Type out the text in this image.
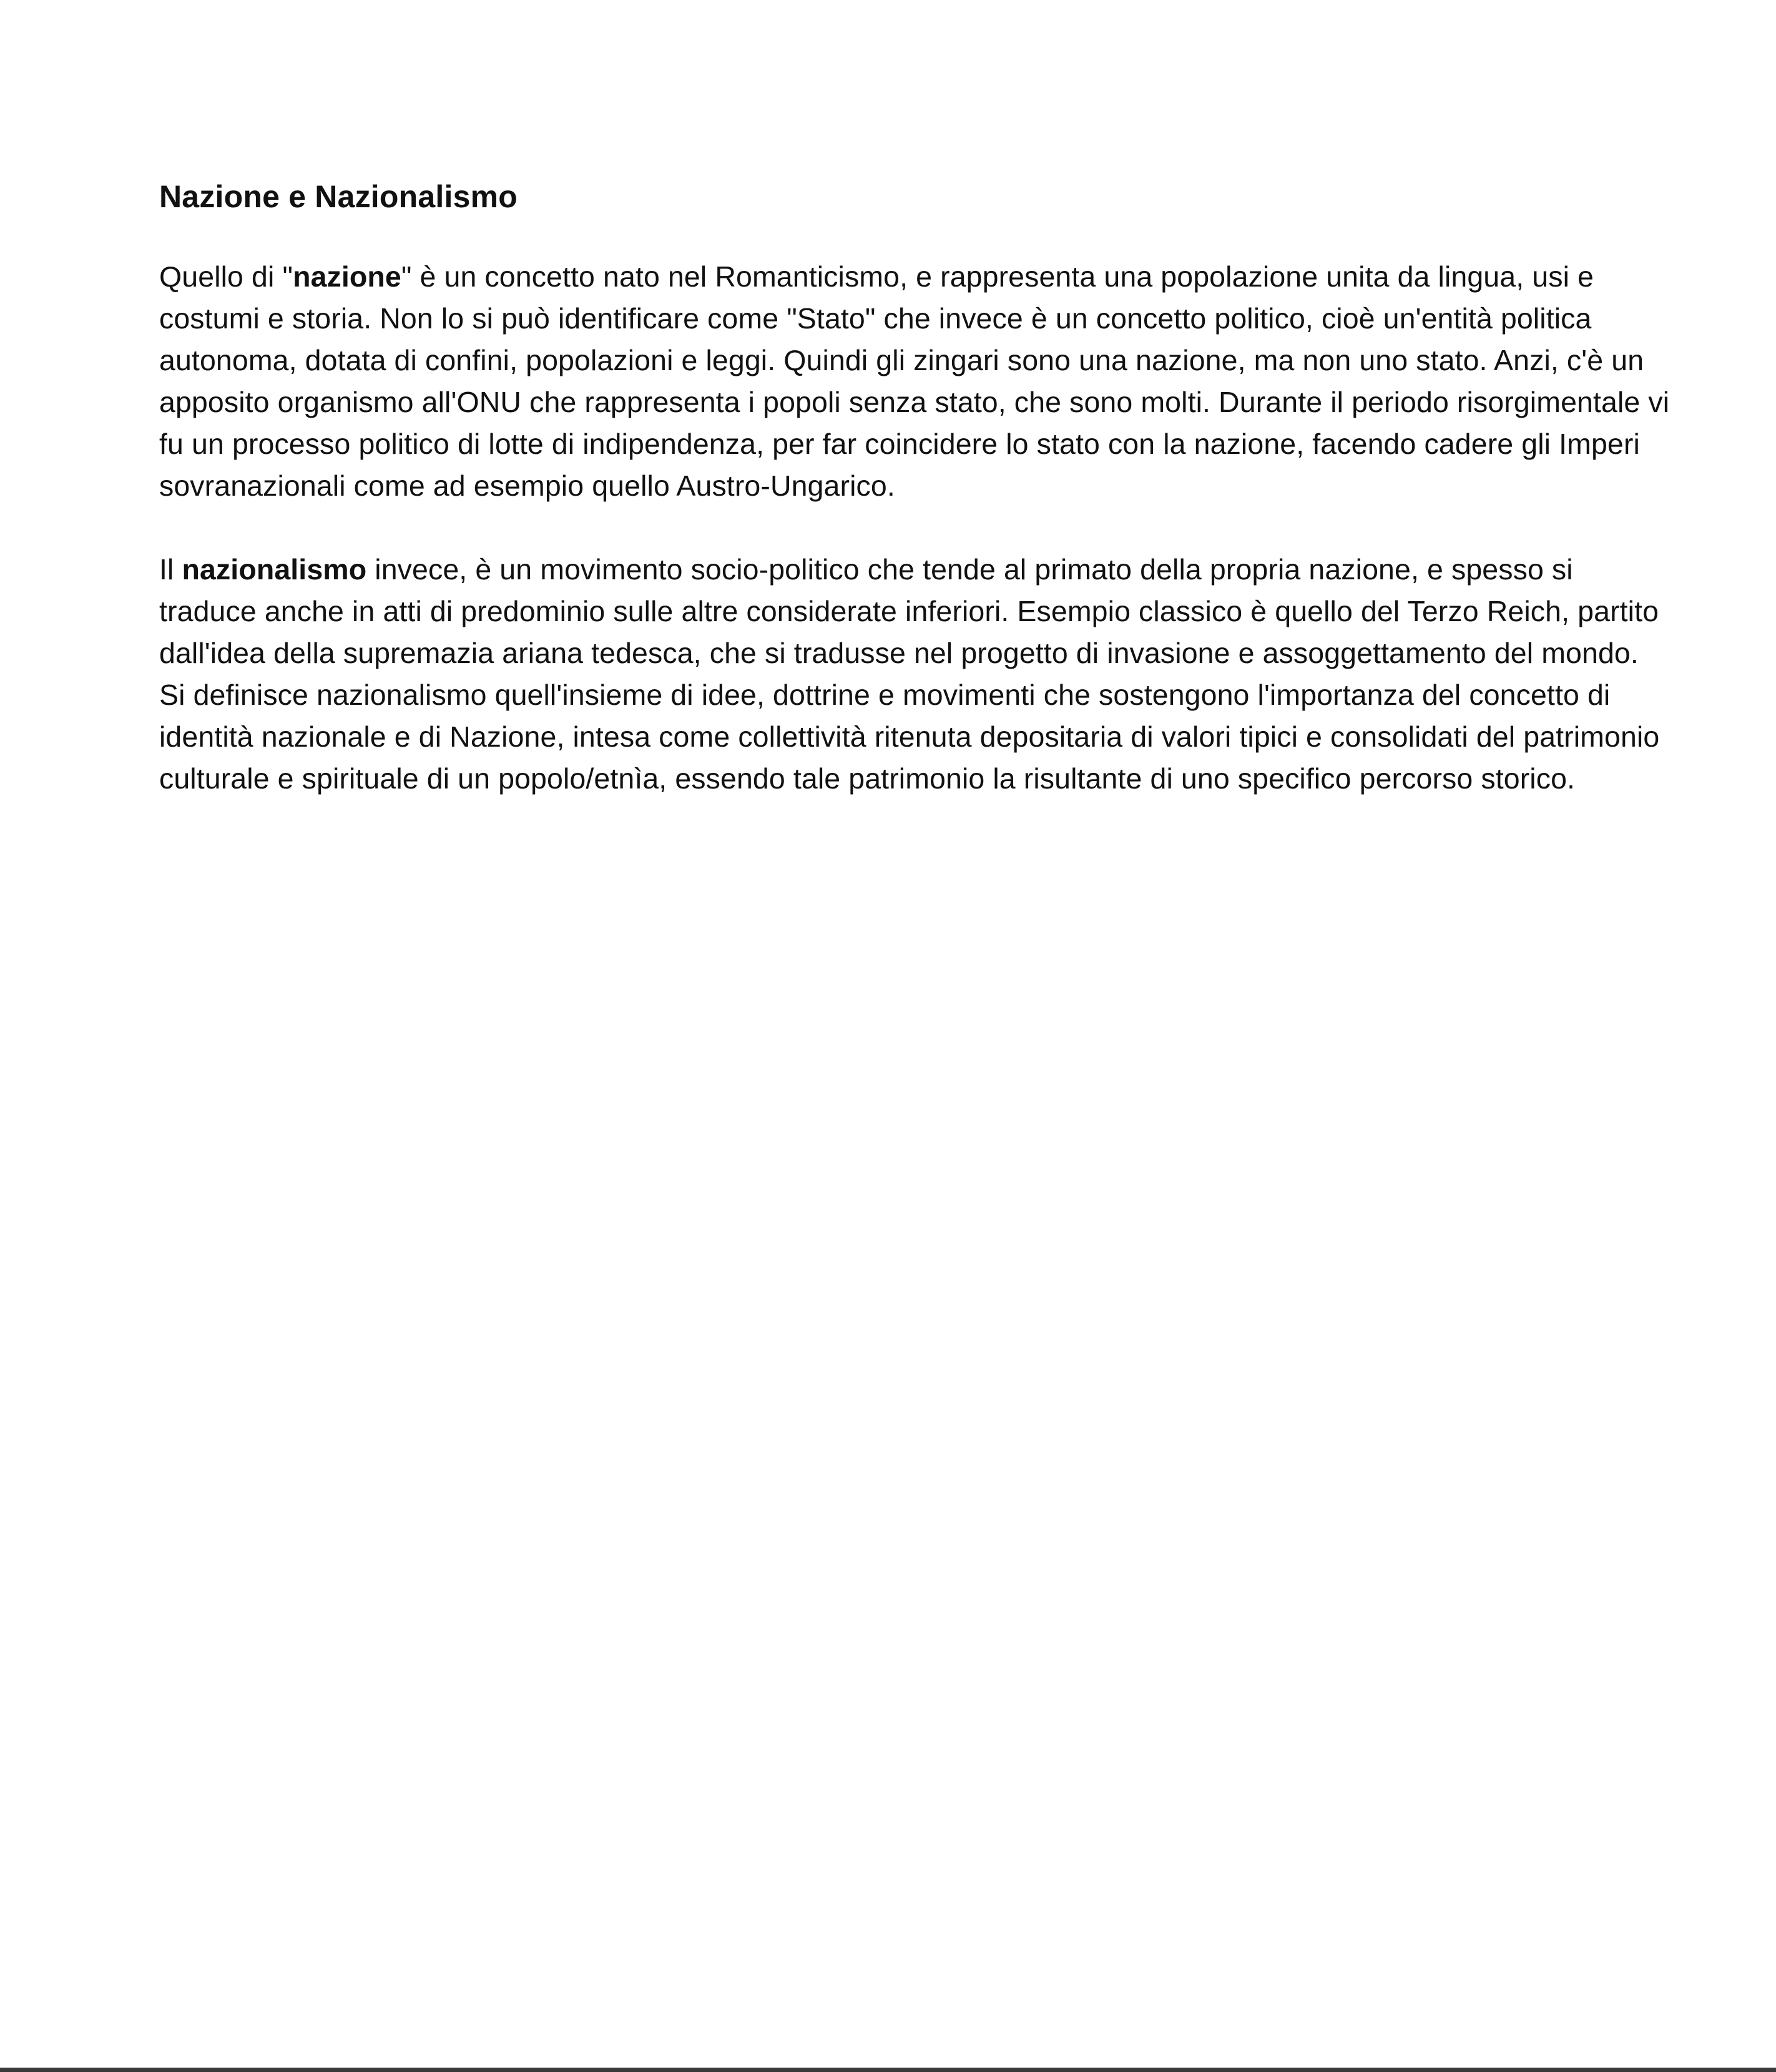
Nazione e Nazionalismo

Quello di "nazione" è un concetto nato nel Romanticismo, e rappresenta una popolazione unita da lingua, usi e costumi e storia. Non lo si può identificare come "Stato" che invece è un concetto politico, cioè un'entità politica autonoma, dotata di confini, popolazioni e leggi. Quindi gli zingari sono una nazione, ma non uno stato. Anzi, c'è un apposito organismo all'ONU che rappresenta i popoli senza stato, che sono molti. Durante il periodo risorgimentale vi fu un processo politico di lotte di indipendenza, per far coincidere lo stato con la nazione, facendo cadere gli Imperi sovranazionali come ad esempio quello Austro-Ungarico.

Il nazionalismo invece, è un movimento socio-politico che tende al primato della propria nazione, e spesso si traduce anche in atti di predominio sulle altre considerate inferiori. Esempio classico è quello del Terzo Reich, partito dall'idea della supremazia ariana tedesca, che si tradusse nel progetto di invasione e assoggettamento del mondo.

Si definisce nazionalismo quell'insieme di idee, dottrine e movimenti che sostengono l'importanza del concetto di identità nazionale e di Nazione, intesa come collettività ritenuta depositaria di valori tipici e consolidati del patrimonio culturale e spirituale di un popolo/etnìa, essendo tale patrimonio la risultante di uno specifico percorso storico.
